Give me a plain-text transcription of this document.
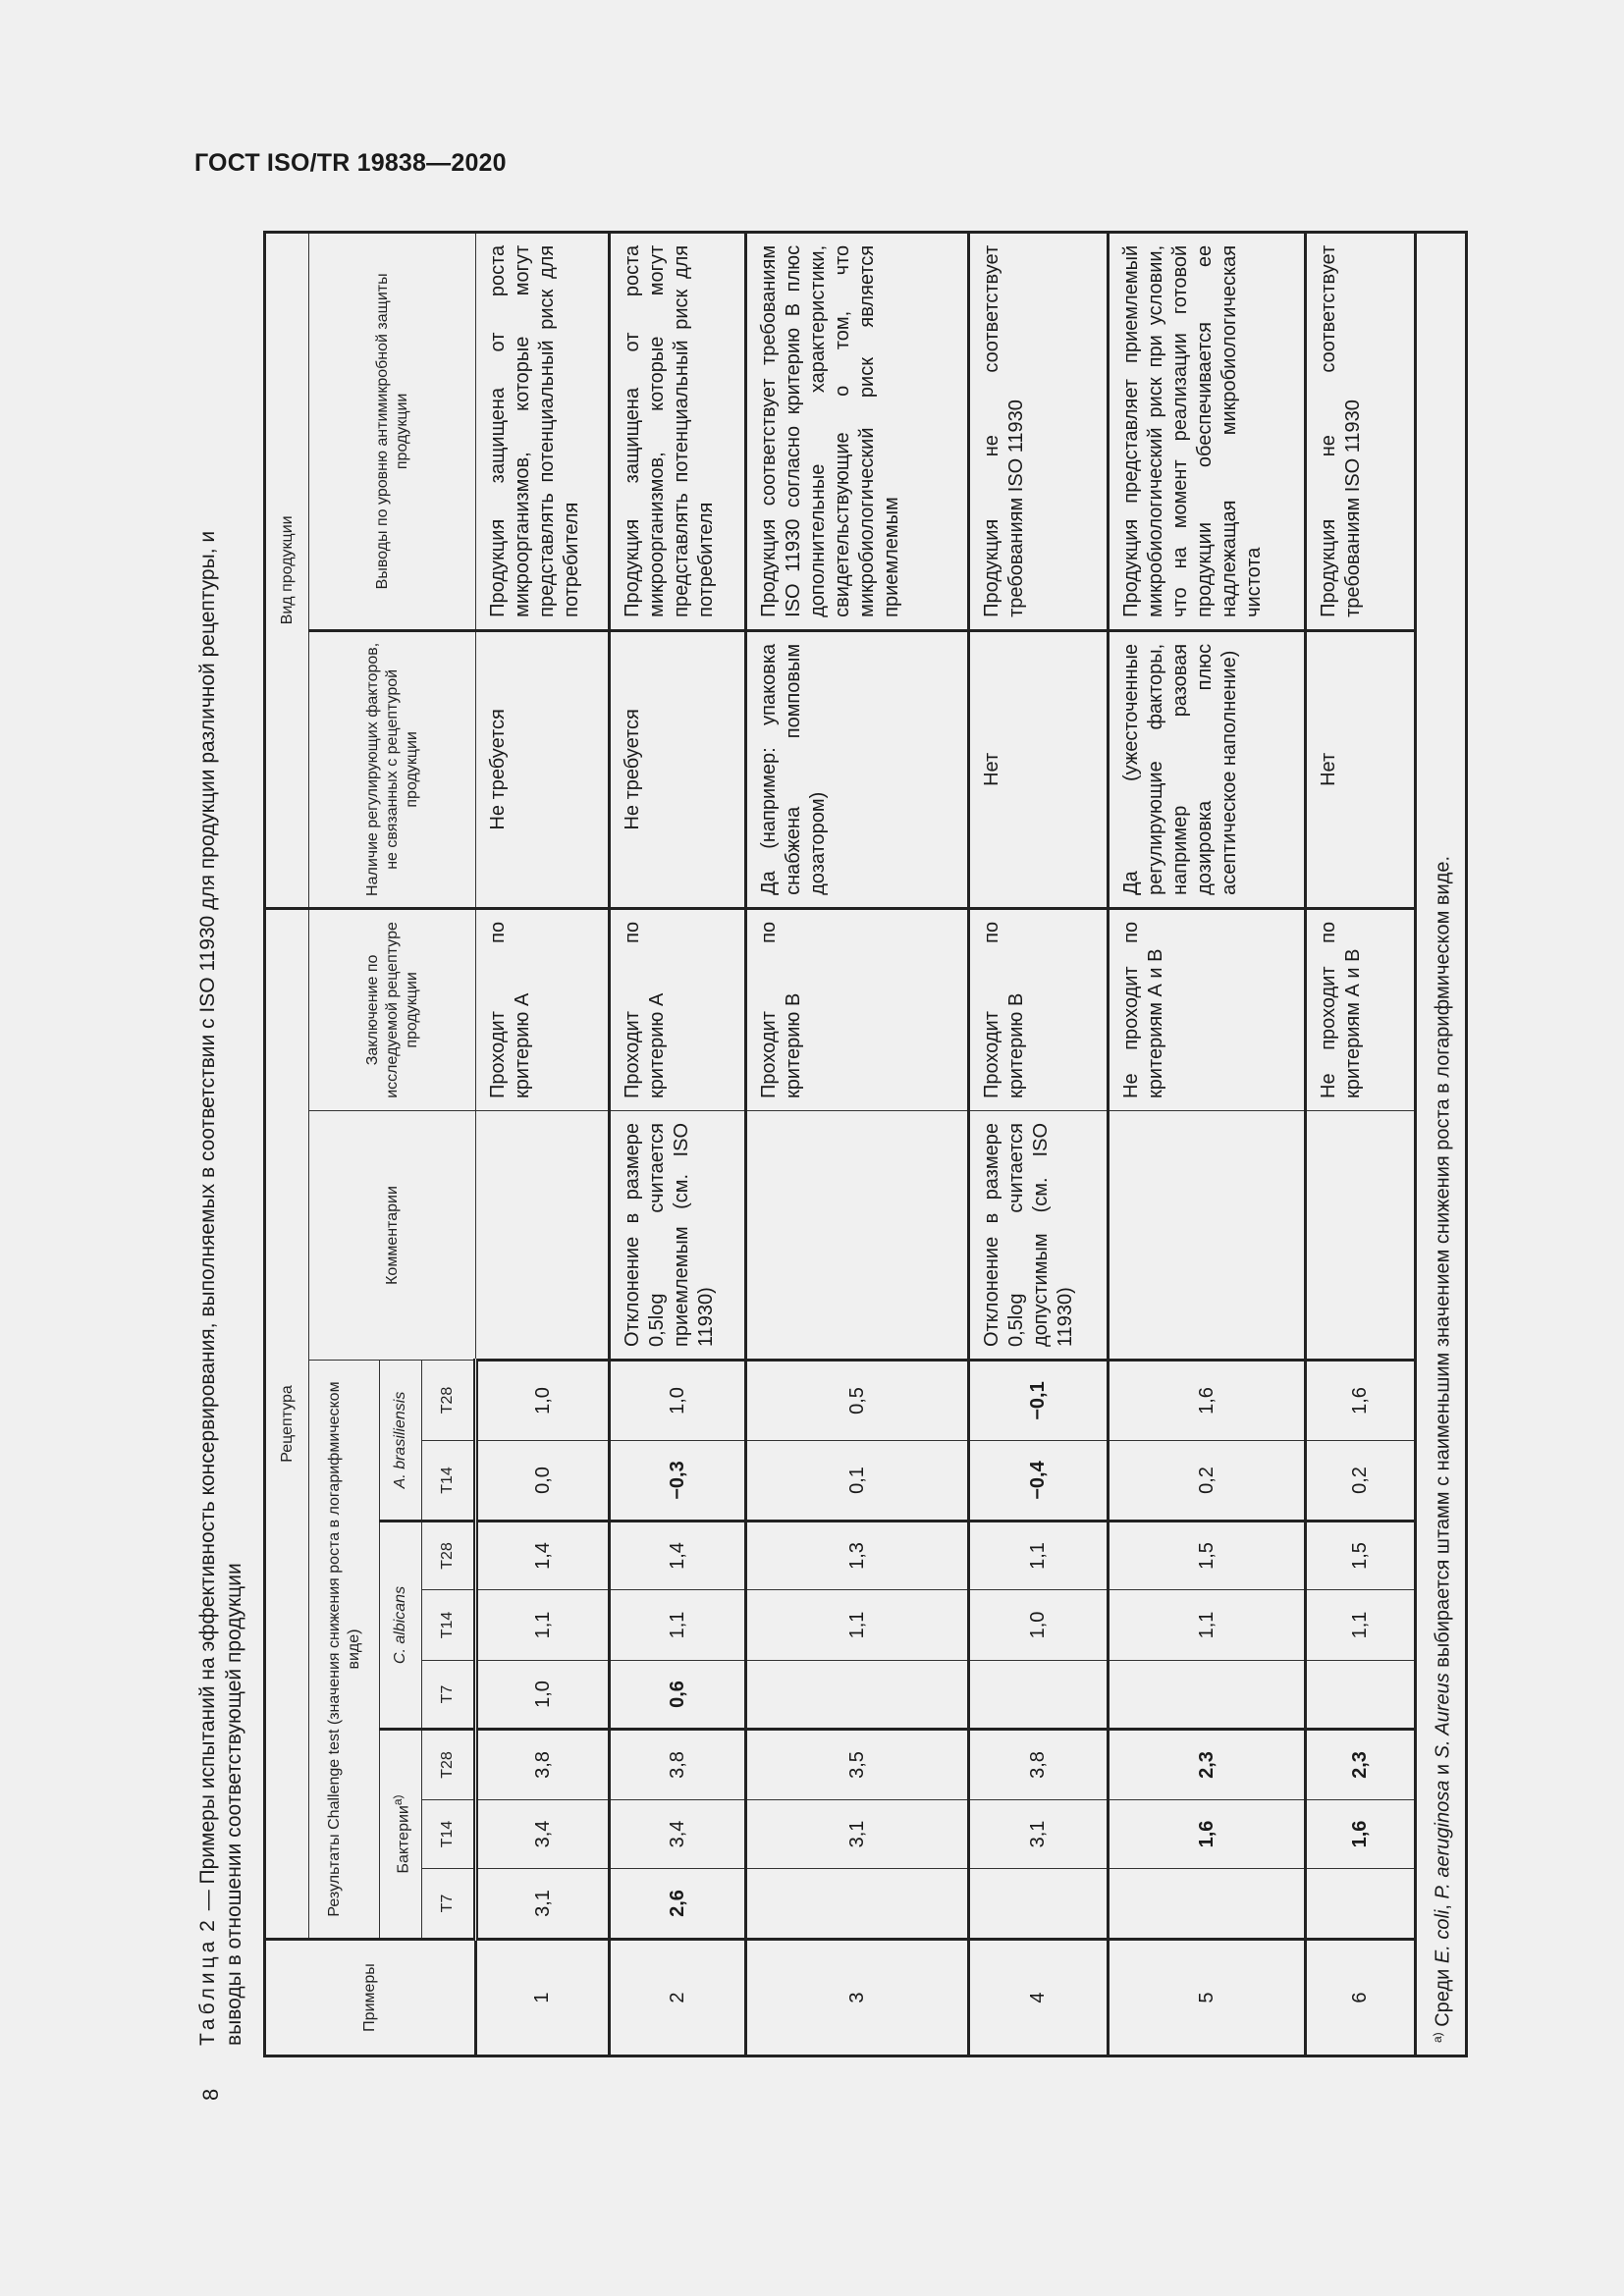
ГОСТ ISO/TR 19838—2020
8
Таблица 2 — Примеры испытаний на эффективность консервирования, выполняемых в соответствии с ISO 11930 для продукции различной рецептуры, и выводы в отношении соответствующей продукции	Примеры	Рецептура										Вид продукции	
	Результаты Challenge test (значения снижения роста в логарифмическом виде)								Комментарии	Заключение по исследуемой рецептуре продукции	Наличие регулирующих факторов, не связанных с рецептурой продукции	Выводы по уровню антимикробной защиты продукции
	Бактерии$^{а)}$			C. albicans			A. brasiliensis					
	T7	T14	T28	T7	T14	T28	T14	T28				
1	3,1	3,4	3,8	1,0	1,1	1,4	0,0	1,0		Проходит по критерию А	Не требуется	Продукция защищена от роста микроорганизмов, которые могут представлять потенциальный риск для потребителя
2	2,6	3,4	3,8	0,6	1,1	1,4	−0,3	1,0	Отклонение в размере 0,5log считается приемлемым (см. ISO 11930)	Проходит по критерию А	Не требуется	Продукция защищена от роста микроорганизмов, которые могут представлять потенциальный риск для потребителя
3		3,1	3,5		1,1	1,3	0,1	0,5		Проходит по критерию В	Да (например: упаковка снабжена помповым дозатором)	Продукция соответствует требованиям ISO 11930 согласно критерию В плюс дополнительные характеристики, свидетельствующие о том, что микробиологический риск является приемлемым
4		3,1	3,8		1,0	1,1	−0,4	−0,1	Отклонение в размере 0,5log считается допустимым (см. ISO 11930)	Проходит по критерию В	Нет	Продукция не соответствует требованиям ISO 11930
5		1,6	2,3		1,1	1,5	0,2	1,6		Не проходит по критериям А и В	Да (ужесточенные регулирующие факторы, например разовая дозировка плюс асептическое наполнение)	Продукция представляет приемлемый микробиологический риск при условии, что на момент реализации готовой продукции обеспечивается ее надлежащая микробиологическая чистота
6		1,6	2,3		1,1	1,5	0,2	1,6		Не проходит по критериям А и В	Нет	Продукция не соответствует требованиям ISO 11930
$^{а)}$ Среди E. coli, P. aeruginosa и S. Aureus выбирается штамм с наименьшим значением снижения роста в логарифмическом виде.												
